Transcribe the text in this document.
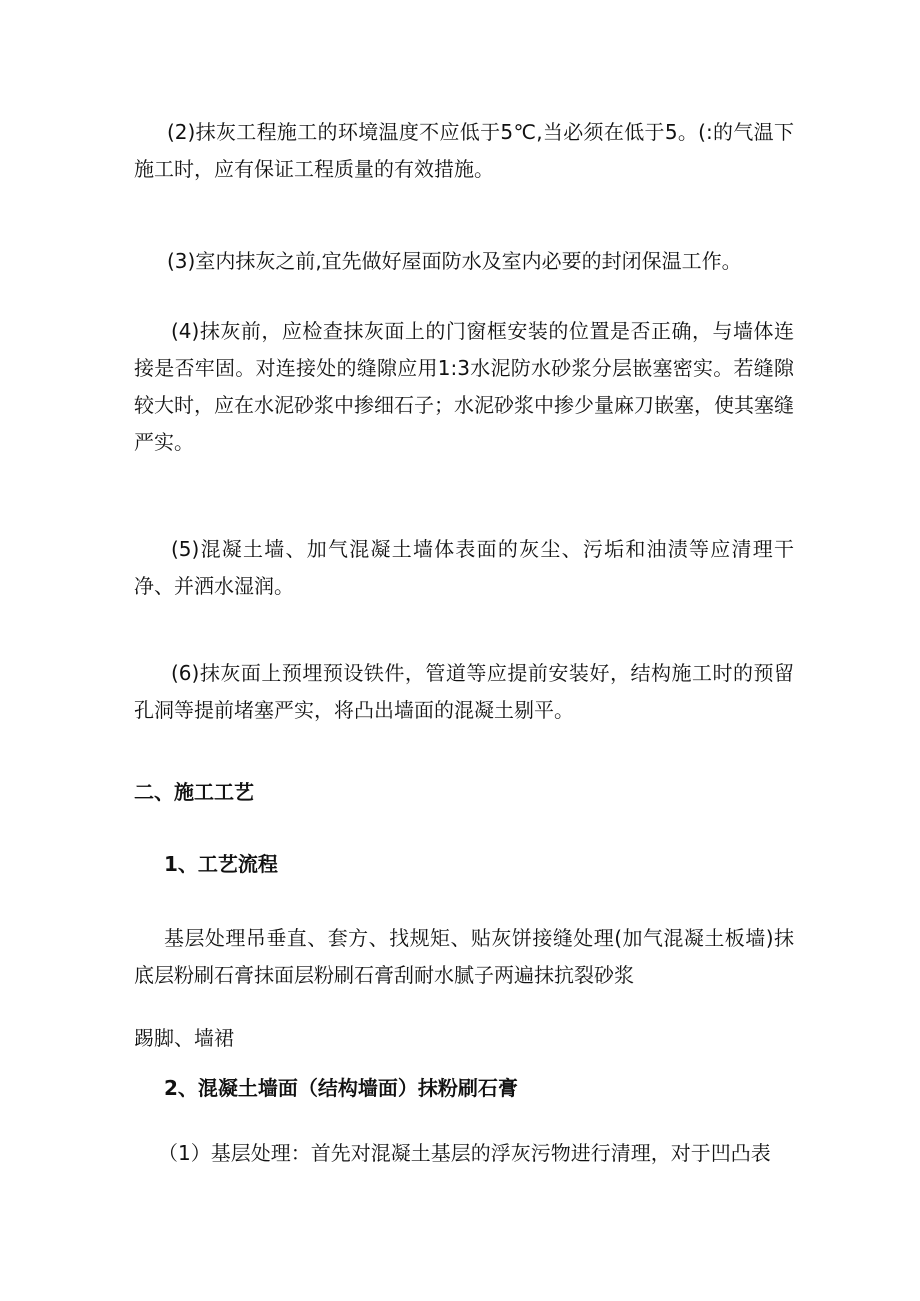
(2)抹灰工程施工的环境温度不应低于5℃,当必须在低于5。(:的气温下施工时，应有保证工程质量的有效措施。

(3)室内抹灰之前,宜先做好屋面防水及室内必要的封闭保温工作。

(4)抹灰前，应检查抹灰面上的门窗框安装的位置是否正确，与墙体连接是否牢固。对连接处的缝隙应用1:3水泥防水砂浆分层嵌塞密实。若缝隙较大时，应在水泥砂浆中掺细石子；水泥砂浆中掺少量麻刀嵌塞，使其塞缝严实。

(5)混凝土墙、加气混凝土墙体表面的灰尘、污垢和油渍等应清理干净、并洒水湿润。

(6)抹灰面上预埋预设铁件，管道等应提前安装好，结构施工时的预留孔洞等提前堵塞严实，将凸出墙面的混凝土剔平。

二、施工工艺
1、工艺流程

基层处理吊垂直、套方、找规矩、贴灰饼接缝处理(加气混凝土板墙)抹底层粉刷石膏抹面层粉刷石膏刮耐水腻子两遍抹抗裂砂浆

踢脚、墙裙

2、混凝土墙面（结构墙面）抹粉刷石膏

（1）基层处理：首先对混凝土基层的浮灰污物进行清理，对于凹凸表
